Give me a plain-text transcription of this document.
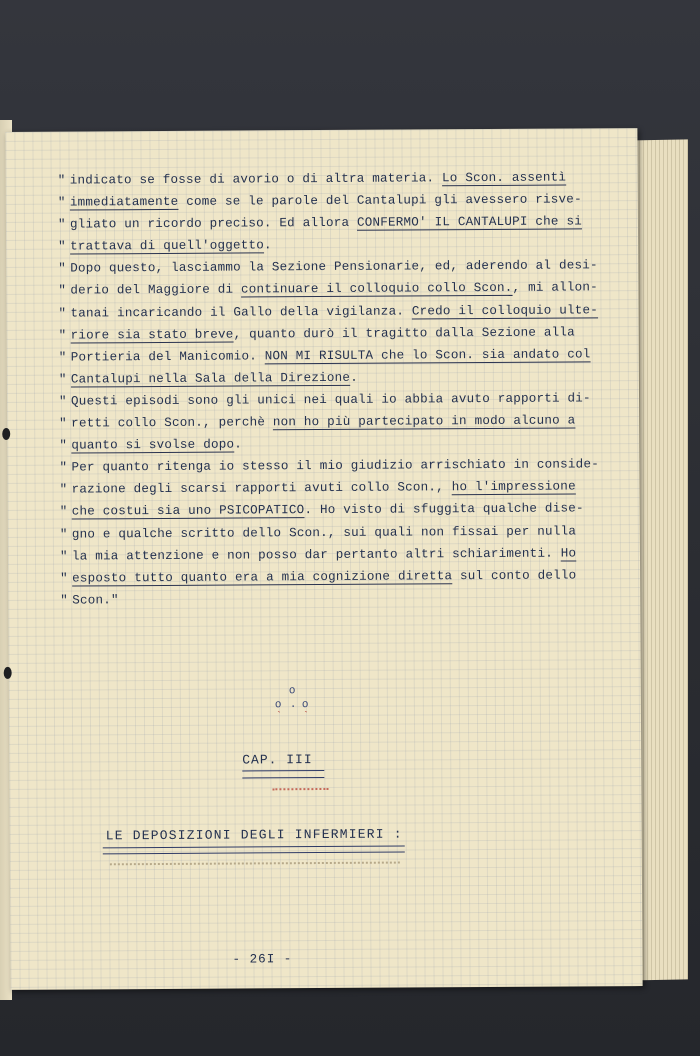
" indicato se fosse di avorio o di altra materia. Lo Scon. assentì
" immediatamente come se le parole del Cantalupi gli avessero risve-
" gliato un ricordo preciso. Ed allora CONFERMO' IL CANTALUPI che si
" trattava di quell'oggetto.
" Dopo questo, lasciammo la Sezione Pensionarie, ed, aderendo al desi-
" derio del Maggiore di continuare il colloquio collo Scon., mi allon-
" tanai incaricando il Gallo della vigilanza. Credo il colloquio ulte-
" riore sia stato breve, quanto durò il tragitto dalla Sezione alla
" Portieria del Manicomio. NON MI RISULTA che lo Scon. sia andato col
" Cantalupi nella Sala della Direzione.
" Questi episodi sono gli unici nei quali io abbia avuto rapporti di-
" retti collo Scon., perchè non ho più partecipato in modo alcuno a
" quanto si svolse dopo.
" Per quanto ritenga io stesso il mio giudizio arrischiato in conside-
" razione degli scarsi rapporti avuti collo Scon., ho l'impressione
" che costui sia uno PSICOPATICO. Ho visto di sfuggita qualche dise-
" gno e qualche scritto dello Scon., sui quali non fissai per nulla
" la mia attenzione e non posso dar pertanto altri schiarimenti. Ho
" esposto tutto quanto era a mia cognizione diretta sul conto dello
" Scon."
o
o o
·
` `
CAP. III
LE DEPOSIZIONI DEGLI INFERMIERI :
- 26I -
